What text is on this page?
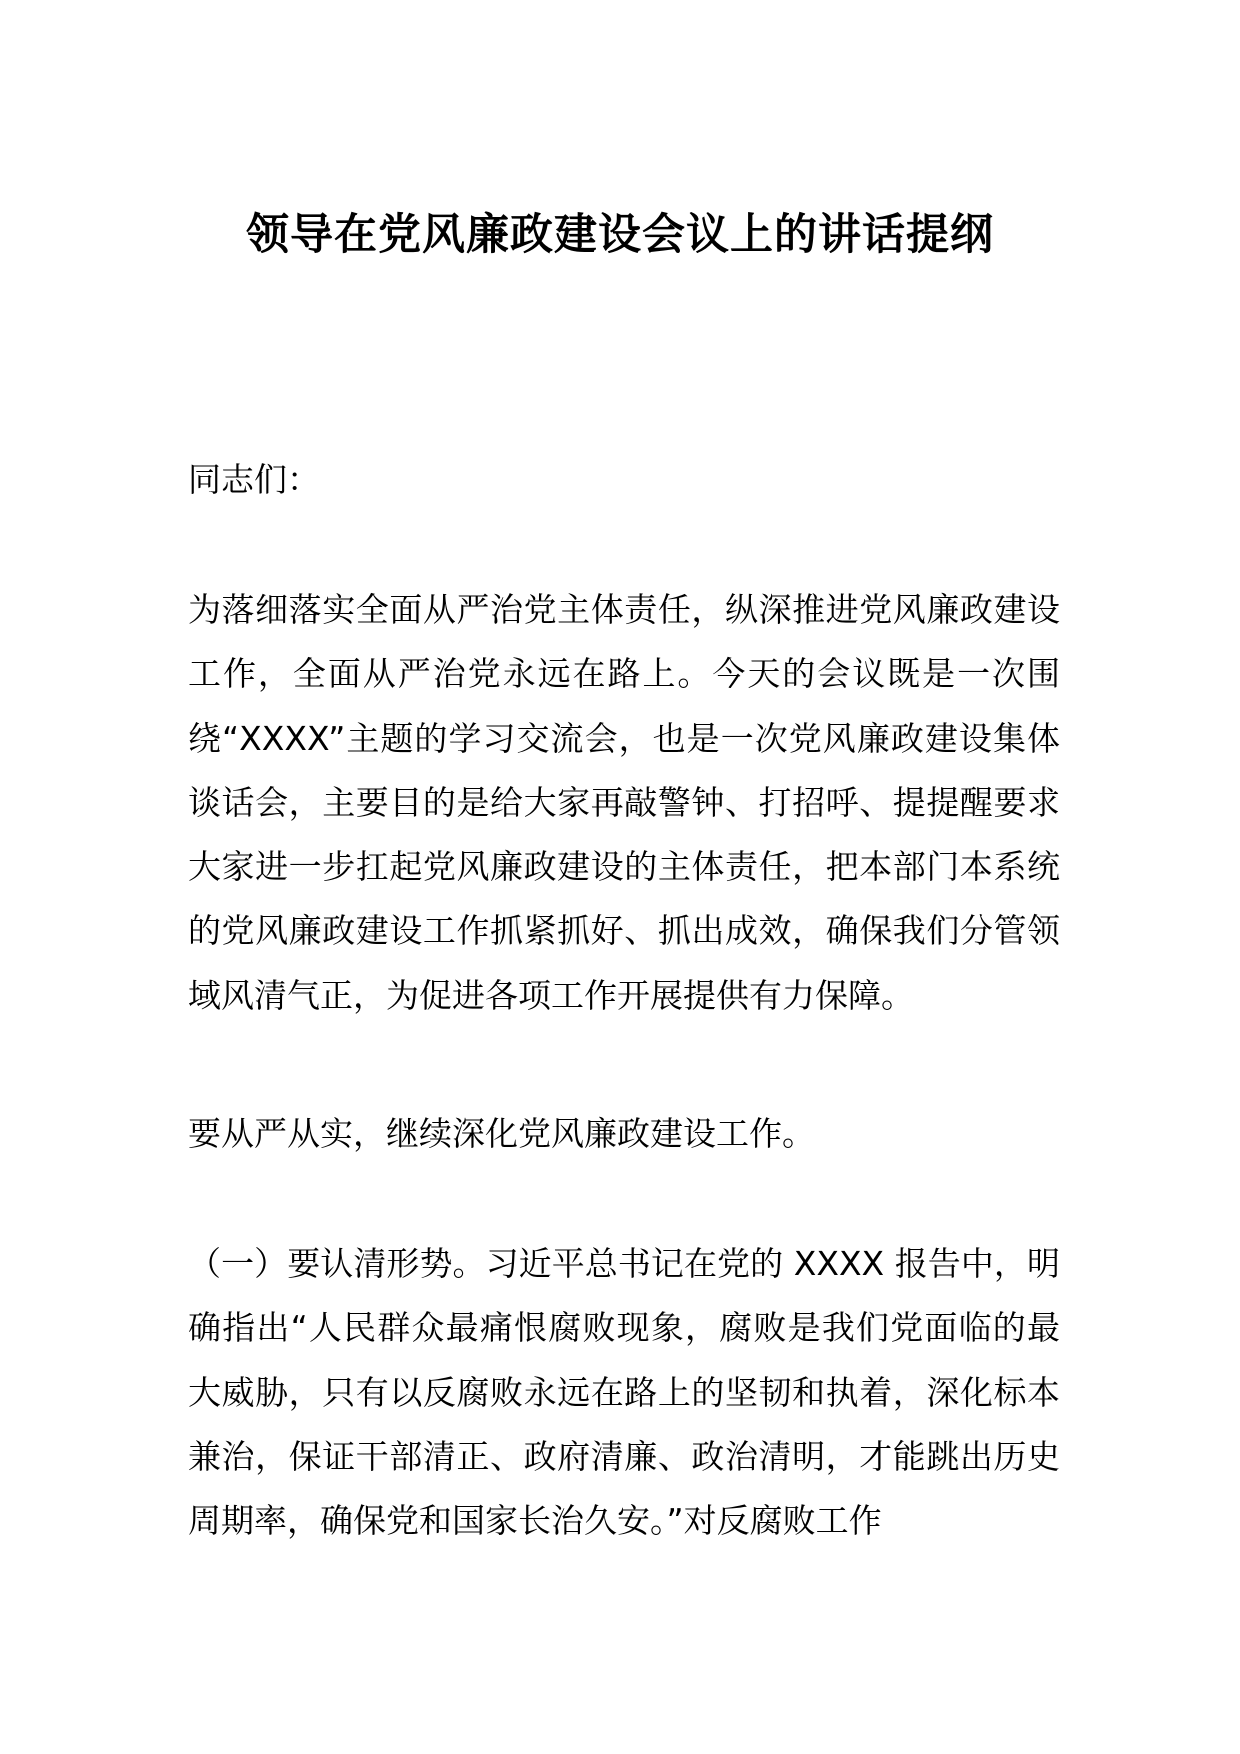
领导在党风廉政建设会议上的讲话提纲
同志们：
为落细落实全面从严治党主体责任，纵深推进党风廉政建设工作，全面从严治党永远在路上。今天的会议既是一次围绕“XXXX”主题的学习交流会，也是一次党风廉政建设集体谈话会，主要目的是给大家再敲警钟、打招呼、提提醒要求大家进一步扛起党风廉政建设的主体责任，把本部门本系统的党风廉政建设工作抓紧抓好、抓出成效，确保我们分管领域风清气正，为促进各项工作开展提供有力保障。
要从严从实，继续深化党风廉政建设工作。
（一）要认清形势。习近平总书记在党的 XXXX 报告中，明确指出“人民群众最痛恨腐败现象，腐败是我们党面临的最大威胁，只有以反腐败永远在路上的坚韧和执着，深化标本兼治，保证干部清正、政府清廉、政治清明，才能跳出历史周期率，确保党和国家长治久安。”对反腐败工作
